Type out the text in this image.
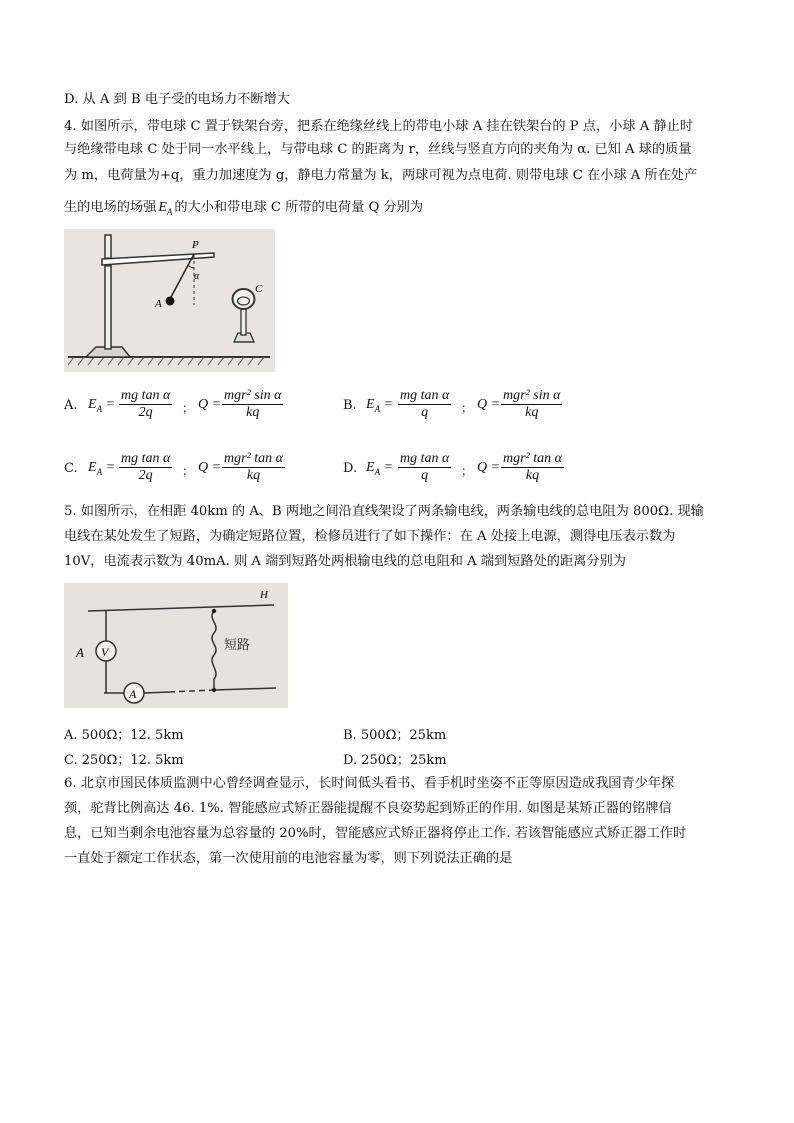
D. 从 A 到 B 电子受的电场力不断增大
4. 如图所示，带电球 C 置于铁架台旁，把系在绝缘丝线上的带电小球 A 挂在铁架台的 P 点，小球 A 静止时
与绝缘带电球 C 处于同一水平线上，与带电球 C 的距离为 r，丝线与竖直方向的夹角为 α. 已知 A 球的质量
为 m，电荷量为+q，重力加速度为 g，静电力常量为 k，两球可视为点电荷. 则带电球 C 在小球 A 所在处产
生的电场的场强 $E_A$ 的大小和带电球 C 所带的电荷量 Q 分别为
P
α
A
C
A. $E_A = \frac{\text{mg tan α}}{2q}$ ； Q =
mgr² sin α
kq	B. $E_A = \frac{\text{mg tan α}}{q}$ ； Q =
mgr² sin α
kq
C. $E_A = \frac{\text{mg tan α}}{2q}$ ； Q =
mgr² tan α
kq	D. $E_A = \frac{\text{mg tan α}}{q}$ ； Q =
mgr² tan α
kq
5. 如图所示，在相距 40km 的 A、B 两地之间沿直线架设了两条输电线，两条输电线的总电阻为 800Ω. 现输
电线在某处发生了短路，为确定短路位置，检修员进行了如下操作：在 A 处接上电源，测得电压表示数为
10V，电流表示数为 40mA. 则 A 端到短路处两根输电线的总电阻和 A 端到短路处的距离分别为
H
A V
A
短路
A. 500Ω；12. 5km	B. 500Ω；25km
C. 250Ω；12. 5km	D. 250Ω；25km
6. 北京市国民体质监测中心曾经调查显示，长时间低头看书、看手机时坐姿不正等原因造成我国青少年探
颈，驼背比例高达 46. 1%. 智能感应式矫正器能提醒不良姿势起到矫正的作用. 如图是某矫正器的铭牌信
息，已知当剩余电池容量为总容量的 20%时，智能感应式矫正器将停止工作. 若该智能感应式矫正器工作时
一直处于额定工作状态，第一次使用前的电池容量为零，则下列说法正确的是
